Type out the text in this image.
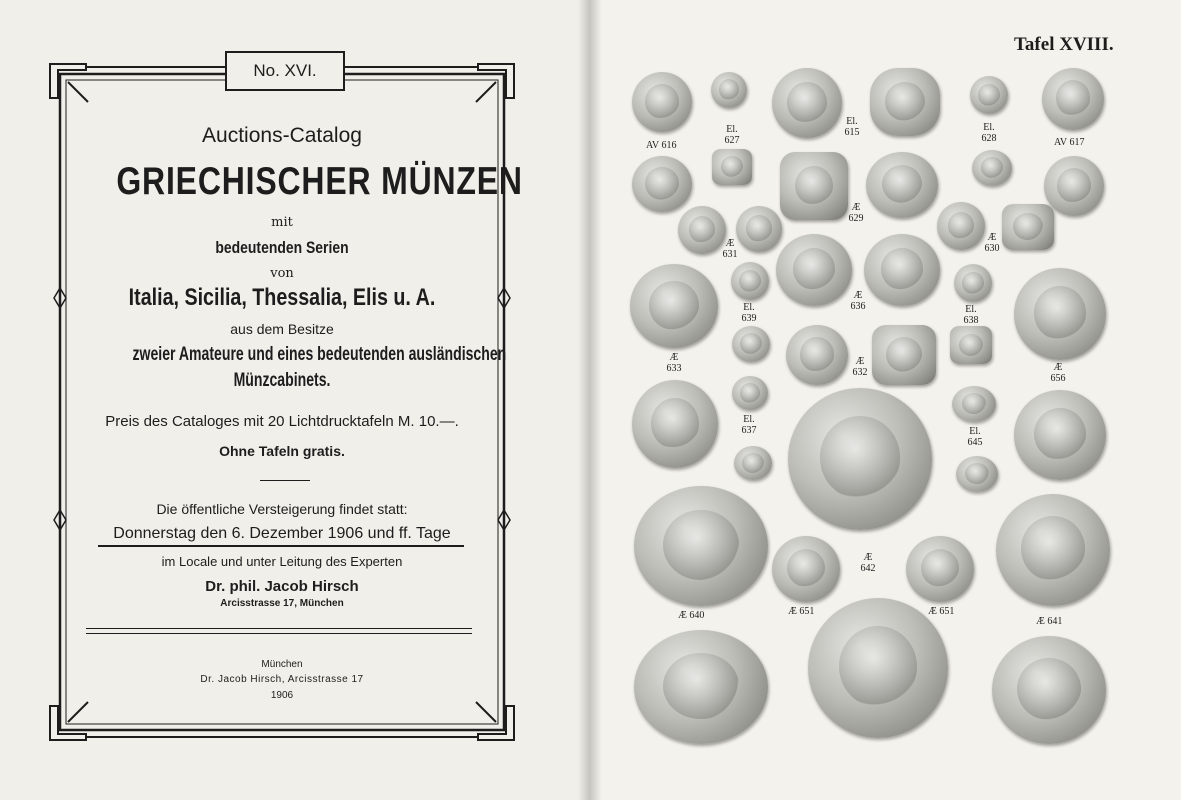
No. XVI.
Auctions-Catalog
GRIECHISCHER MÜNZEN
mit
bedeutenden Serien
von
Italia, Sicilia, Thessalia, Elis u. A.
aus dem Besitze
zweier Amateure und eines bedeutenden ausländischen
Münzcabinets.
Preis des Cataloges mit 20 Lichtdrucktafeln M. 10.—.
Ohne Tafeln gratis.
Die öffentliche Versteigerung findet statt:
Donnerstag den 6. Dezember 1906 und ff. Tage
im Locale und unter Leitung des Experten
Dr. phil. Jacob Hirsch
Arcisstrasse 17, München
München
Dr. Jacob Hirsch, Arcisstrasse 17
1906
Tafel XVIII.
AV 616
El. 627
El. 615	El. 628	AV 617
Æ 629
Æ 631
Æ 630
El. 639
Æ 636	El. 638
Æ 633
Æ 632	Æ 656
El. 637	El. 645
Æ 642
Æ 640	Æ 651	Æ 651
Æ 641
